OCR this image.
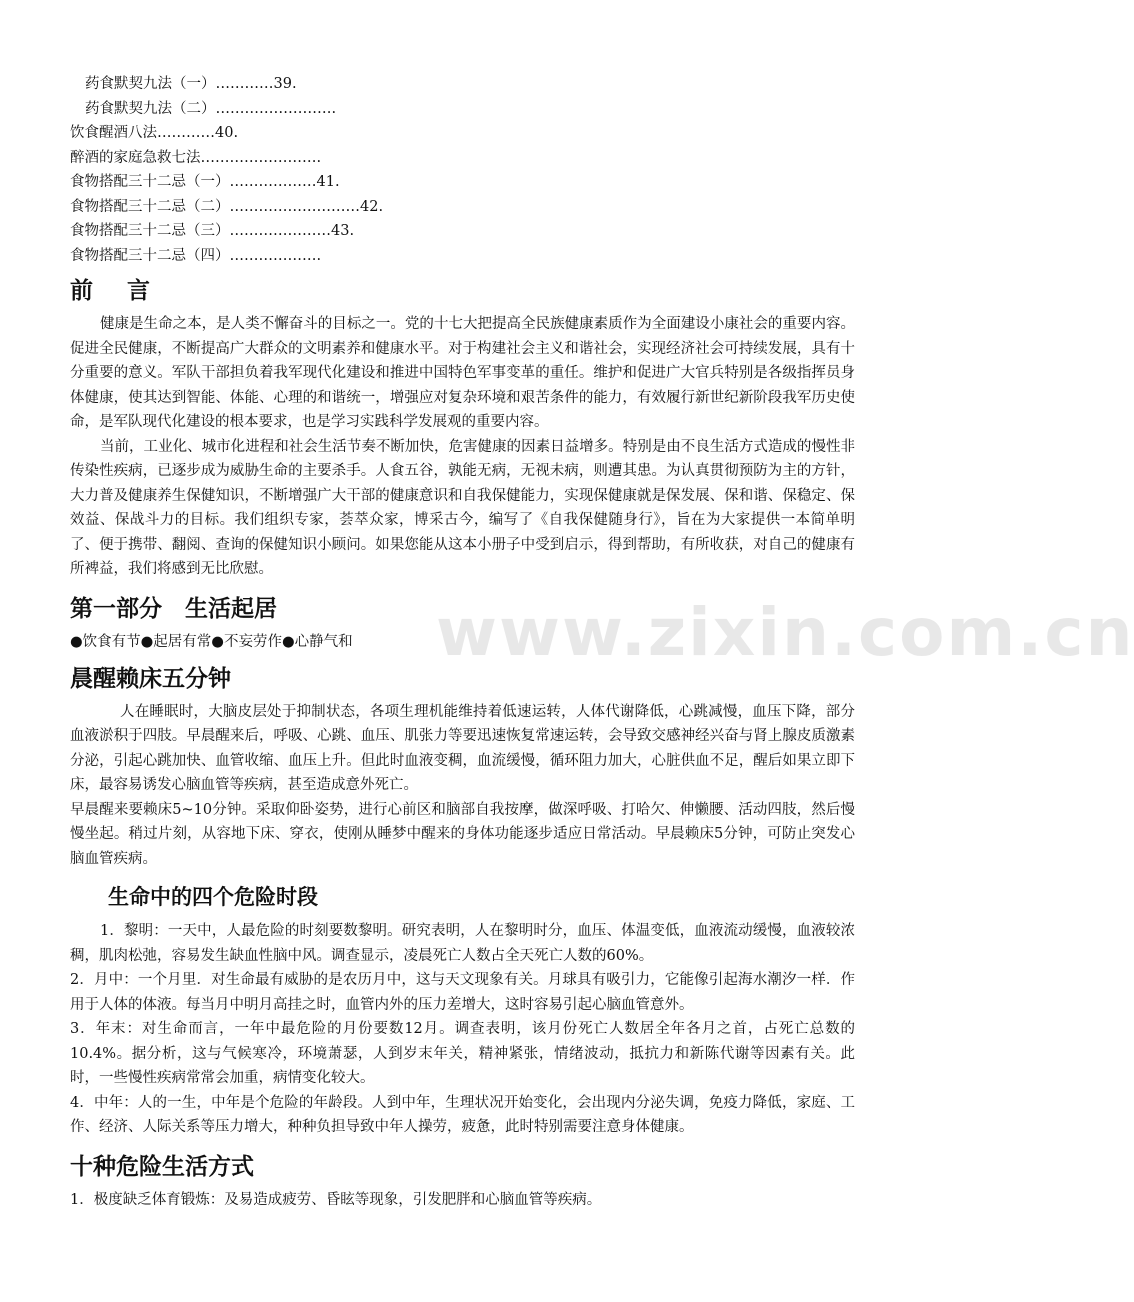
药食默契九法（一）…………39.
药食默契九法（二）…………………….
饮食醒酒八法…………40.
醉酒的家庭急救七法…………………….
食物搭配三十二忌（一）………………41.
食物搭配三十二忌（二）………………………42.
食物搭配三十二忌（三）…………………43.
食物搭配三十二忌（四）……………….
前 言

健康是生命之本，是人类不懈奋斗的目标之一。党的十七大把提高全民族健康素质作为全面建设小康社会的重要内容。促进全民健康，不断提高广大群众的文明素养和健康水平。对于构建社会主义和谐社会，实现经济社会可持续发展，具有十分重要的意义。军队干部担负着我军现代化建设和推进中国特色军事变革的重任。维护和促进广大官兵特别是各级指挥员身体健康，使其达到智能、体能、心理的和谐统一，增强应对复杂环境和艰苦条件的能力，有效履行新世纪新阶段我军历史使命，是军队现代化建设的根本要求，也是学习实践科学发展观的重要内容。

当前，工业化、城市化进程和社会生活节奏不断加快，危害健康的因素日益增多。特别是由不良生活方式造成的慢性非传染性疾病，已逐步成为威胁生命的主要杀手。人食五谷，孰能无病，无视未病，则遭其患。为认真贯彻预防为主的方针，大力普及健康养生保健知识，不断增强广大干部的健康意识和自我保健能力，实现保健康就是保发展、保和谐、保稳定、保效益、保战斗力的目标。我们组织专家，荟萃众家，博采古今，编写了《自我保健随身行》，旨在为大家提供一本简单明了、便于携带、翻阅、查询的保健知识小顾问。如果您能从这本小册子中受到启示，得到帮助，有所收获，对自己的健康有所裨益，我们将感到无比欣慰。

第一部分　生活起居
●饮食有节●起居有常●不妄劳作●心静气和
晨醒赖床五分钟

人在睡眠时，大脑皮层处于抑制状态，各项生理机能维持着低速运转，人体代谢降低，心跳减慢，血压下降，部分血液淤积于四肢。早晨醒来后，呼吸、心跳、血压、肌张力等要迅速恢复常速运转，会导致交感神经兴奋与肾上腺皮质激素分泌，引起心跳加快、血管收缩、血压上升。但此时血液变稠，血流缓慢，循环阻力加大，心脏供血不足，醒后如果立即下床，最容易诱发心脑血管等疾病，甚至造成意外死亡。

早晨醒来要赖床5~10分钟。采取仰卧姿势，进行心前区和脑部自我按摩，做深呼吸、打哈欠、伸懒腰、活动四肢，然后慢慢坐起。稍过片刻，从容地下床、穿衣，使刚从睡梦中醒来的身体功能逐步适应日常活动。早晨赖床5分钟，可防止突发心脑血管疾病。

生命中的四个危险时段

1．黎明：一天中，人最危险的时刻要数黎明。研究表明，人在黎明时分，血压、体温变低，血液流动缓慢，血液较浓稠，肌肉松弛，容易发生缺血性脑中风。调查显示，凌晨死亡人数占全天死亡人数的60%。

2．月中：一个月里．对生命最有威胁的是农历月中，这与天文现象有关。月球具有吸引力，它能像引起海水潮汐一样．作用于人体的体液。每当月中明月高挂之时，血管内外的压力差增大，这时容易引起心脑血管意外。

3．年末：对生命而言，一年中最危险的月份要数12月。调查表明，该月份死亡人数居全年各月之首，占死亡总数的10.4%。据分析，这与气候寒冷，环境萧瑟，人到岁末年关，精神紧张，情绪波动，抵抗力和新陈代谢等因素有关。此时，一些慢性疾病常常会加重，病情变化较大。

4．中年：人的一生，中年是个危险的年龄段。人到中年，生理状况开始变化，会出现内分泌失调，免疫力降低，家庭、工作、经济、人际关系等压力增大，种种负担导致中年人操劳，疲惫，此时特别需要注意身体健康。

十种危险生活方式

1．极度缺乏体育锻炼：及易造成疲劳、昏眩等现象，引发肥胖和心脑血管等疾病。

www.zixin.com.cn
